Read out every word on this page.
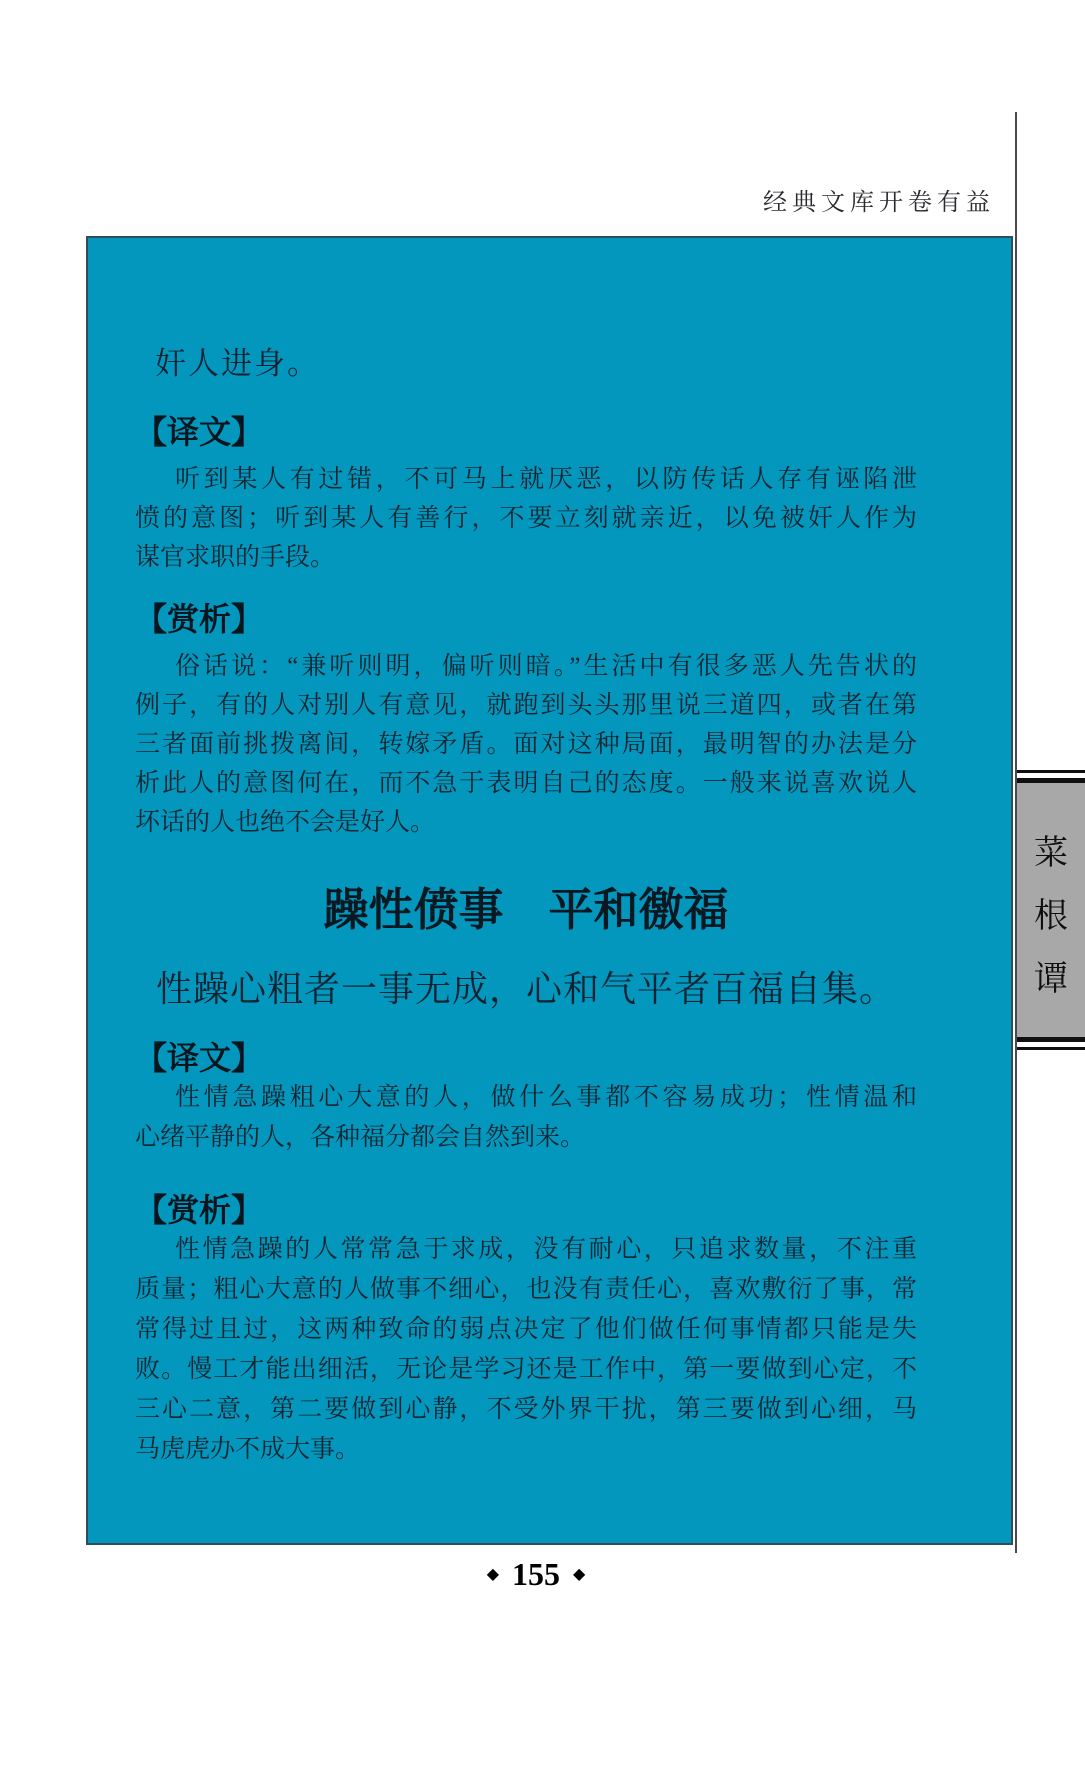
经典文库开卷有益
奸人进身。
【译文】
听到某人有过错，不可马上就厌恶，以防传话人存有诬陷泄
愤的意图；听到某人有善行，不要立刻就亲近，以免被奸人作为
谋官求职的手段。
【赏析】
俗话说：“兼听则明，偏听则暗。”生活中有很多恶人先告状的
例子，有的人对别人有意见，就跑到头头那里说三道四，或者在第
三者面前挑拨离间，转嫁矛盾。面对这种局面，最明智的办法是分
析此人的意图何在，而不急于表明自己的态度。一般来说喜欢说人
坏话的人也绝不会是好人。
躁性偾事　平和徼福
性躁心粗者一事无成，心和气平者百福自集。
【译文】
性情急躁粗心大意的人，做什么事都不容易成功；性情温和
心绪平静的人，各种福分都会自然到来。
【赏析】
性情急躁的人常常急于求成，没有耐心，只追求数量，不注重
质量；粗心大意的人做事不细心，也没有责任心，喜欢敷衍了事，常
常得过且过，这两种致命的弱点决定了他们做任何事情都只能是失
败。慢工才能出细活，无论是学习还是工作中，第一要做到心定，不
三心二意，第二要做到心静，不受外界干扰，第三要做到心细，马
马虎虎办不成大事。
菜
根
谭
◆ 155 ◆
